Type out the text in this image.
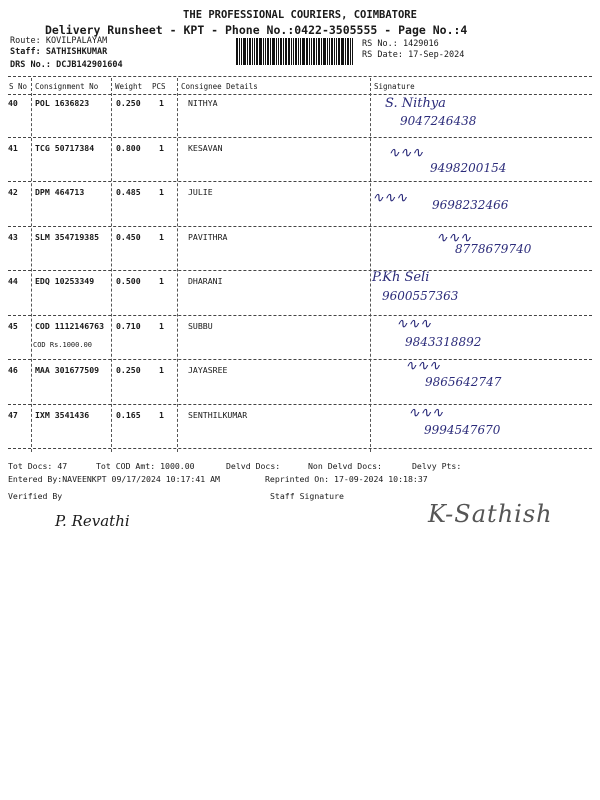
THE PROFESSIONAL COURIERS, COIMBATORE
Delivery Runsheet - KPT - Phone No.:0422-3505555 - Page No.:4
Route: KOVILPALAYAM
Staff: SATHISHKUMAR
DRS No.: DCJB142901604
RS No.: 1429016
RS Date: 17-Sep-2024
S No Consignment No Weight PCS Consignee Details	Signature
40 POL 1636823	0.250 1	NITHYA	S. Nithya
9047246438
41 TCG 50717384	0.800 1	KESAVAN	∿∿∿
9498200154
42 DPM 464713	0.485 1	JULIE	∿∿∿ 9698232466
43 SLM 354719385 0.450 1	PAVITHRA	∿∿∿
8778679740
44 EDQ 10253349	0.500 1	DHARANI	P.Kh Seli
9600557363
45 COD 1112146763 0.710 1	SUBBU
COD Rs.1000.00
∿∿∿
9843318892
46 MAA 301677509 0.250 1	JAYASREE	∿∿∿
9865642747
47 IXM 3541436	0.165 1	SENTHILKUMAR	∿∿∿
9994547670
Tot Docs: 47	Tot COD Amt: 1000.00	Delvd Docs:	Non Delvd Docs:	Delvy Pts:
Entered By:NAVEENKPT 09/17/2024 10:17:41 AM	Reprinted On: 17-09-2024 10:18:37
Verified By	Staff Signature
P. Revathi	K-Sathish
